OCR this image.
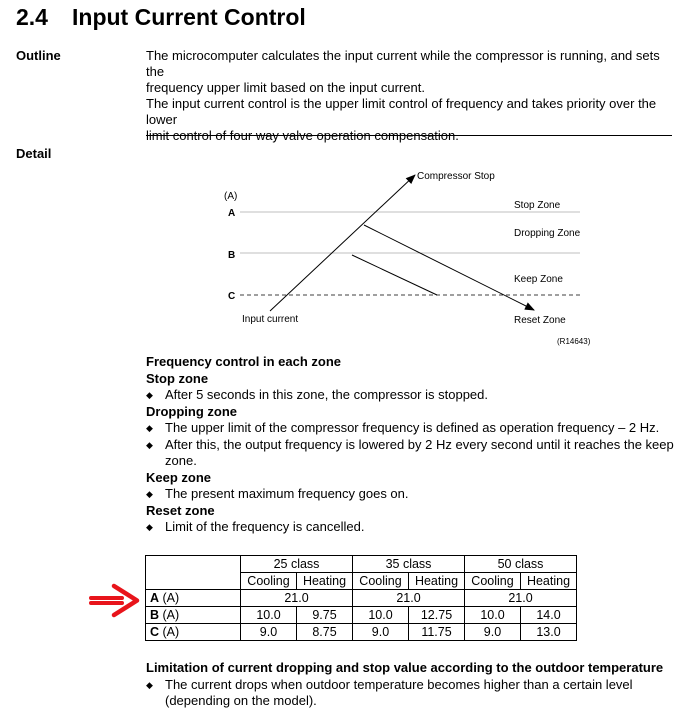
2.4 Input Current Control
Outline	The microcomputer calculates the input current while the compressor is running, and sets the
frequency upper limit based on the input current.
The input current control is the upper limit control of frequency and takes priority over the lower
limit control of four way valve operation compensation.
Detail
(A)
A
B
C
Compressor Stop
Input current
Stop Zone
Dropping Zone
Keep Zone
Reset Zone
(R14643)
Frequency control in each zone
Stop zone
◆ After 5 seconds in this zone, the compressor is stopped.
Dropping zone
◆ The upper limit of the compressor frequency is defined as operation frequency – 2 Hz.
◆ After this, the output frequency is lowered by 2 Hz every second until it reaches the keep
zone.
Keep zone
◆ The present maximum frequency goes on.
Reset zone
◆ Limit of the frequency is cancelled.
	25 class		35 class		50 class	
	Cooling	Heating	Cooling	Heating	Cooling	Heating
A (A)	21.0		21.0		21.0	
B (A)	10.0	9.75	10.0	12.75	10.0	14.0
C (A)	9.0	8.75	9.0	11.75	9.0	13.0
Limitation of current dropping and stop value according to the outdoor temperature
◆ The current drops when outdoor temperature becomes higher than a certain level
(depending on the model).
